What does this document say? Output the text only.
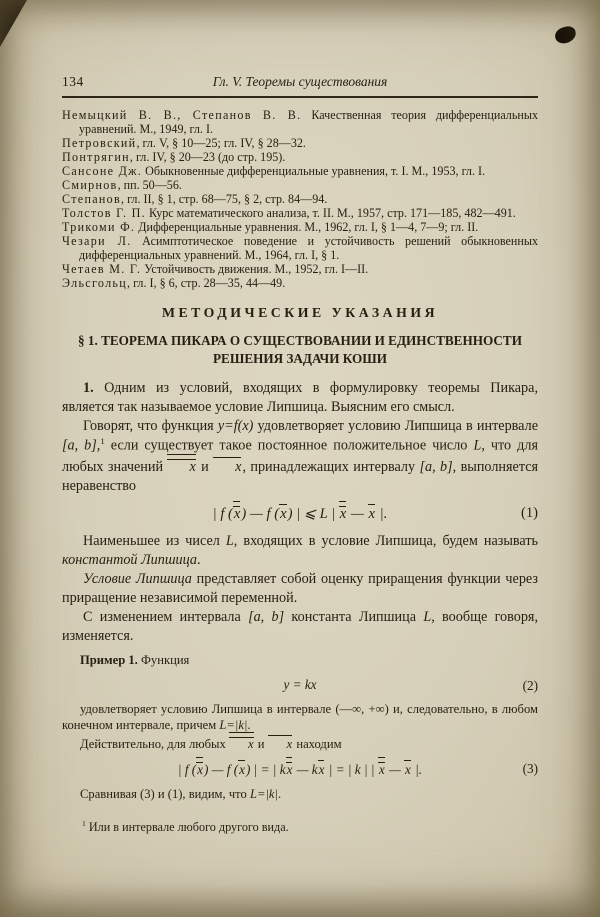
134	Гл. V. Теоремы существования

Немыцкий В. В., Степанов В. В. Качественная теория дифференциальных уравнений. М., 1949, гл. I.

Петровский, гл. V, § 10—25; гл. IV, § 28—32.

Понтрягин, гл. IV, § 20—23 (до стр. 195).

Сансоне Дж. Обыкновенные дифференциальные уравнения, т. I. М., 1953, гл. I.

Смирнов, пп. 50—56.

Степанов, гл. II, § 1, стр. 68—75, § 2, стр. 84—94.

Толстов Г. П. Курс математического анализа, т. II. М., 1957, стр. 171—185, 482—491.

Трикоми Ф. Дифференциальные уравнения. М., 1962, гл. I, § 1—4, 7—9; гл. II.

Чезари Л. Асимптотическое поведение и устойчивость решений обыкновенных дифференциальных уравнений. М., 1964, гл. I, § 1.

Четаев М. Г. Устойчивость движения. М., 1952, гл. I—II.

Эльсгольц, гл. I, § 6, стр. 28—35, 44—49.

МЕТОДИЧЕСКИЕ УКАЗАНИЯ
§ 1. ТЕОРЕМА ПИКАРА О СУЩЕСТВОВАНИИ И ЕДИНСТВЕННОСТИ
РЕШЕНИЯ ЗАДАЧИ КОШИ

1. Одним из условий, входящих в формулировку теоремы Пикара, является так называемое условие Липшица. Выясним его смысл.

Говорят, что функция y=f(x) удовлетворяет условию Липшица в интервале [a, b],$^1$ если существует такое постоянное положительное число L, что для любых значений x и x, принадлежащих интервалу [a, b], выполняется неравенство

| f (x) — f (x) | ⩽ L | x — x |.	(1)

Наименьшее из чисел L, входящих в условие Липшица, будем называть константой Липшица.

Условие Липшица представляет собой оценку приращения функции через приращение независимой переменной.

С изменением интервала [a, b] константа Липшица L, вообще говоря, изменяется.

Пример 1. Функция

y = kx	(2)

удовлетворяет условию Липшица в интервале (—∞, +∞) и, следовательно, в любом конечном интервале, причем L=|k|.

Действительно, для любых x и x находим

| f (x) — f (x) | = | kx — kx | = | k | | x — x |.	(3)

Сравнивая (3) и (1), видим, что L=|k|.

$^1$ Или в интервале любого другого вида.
